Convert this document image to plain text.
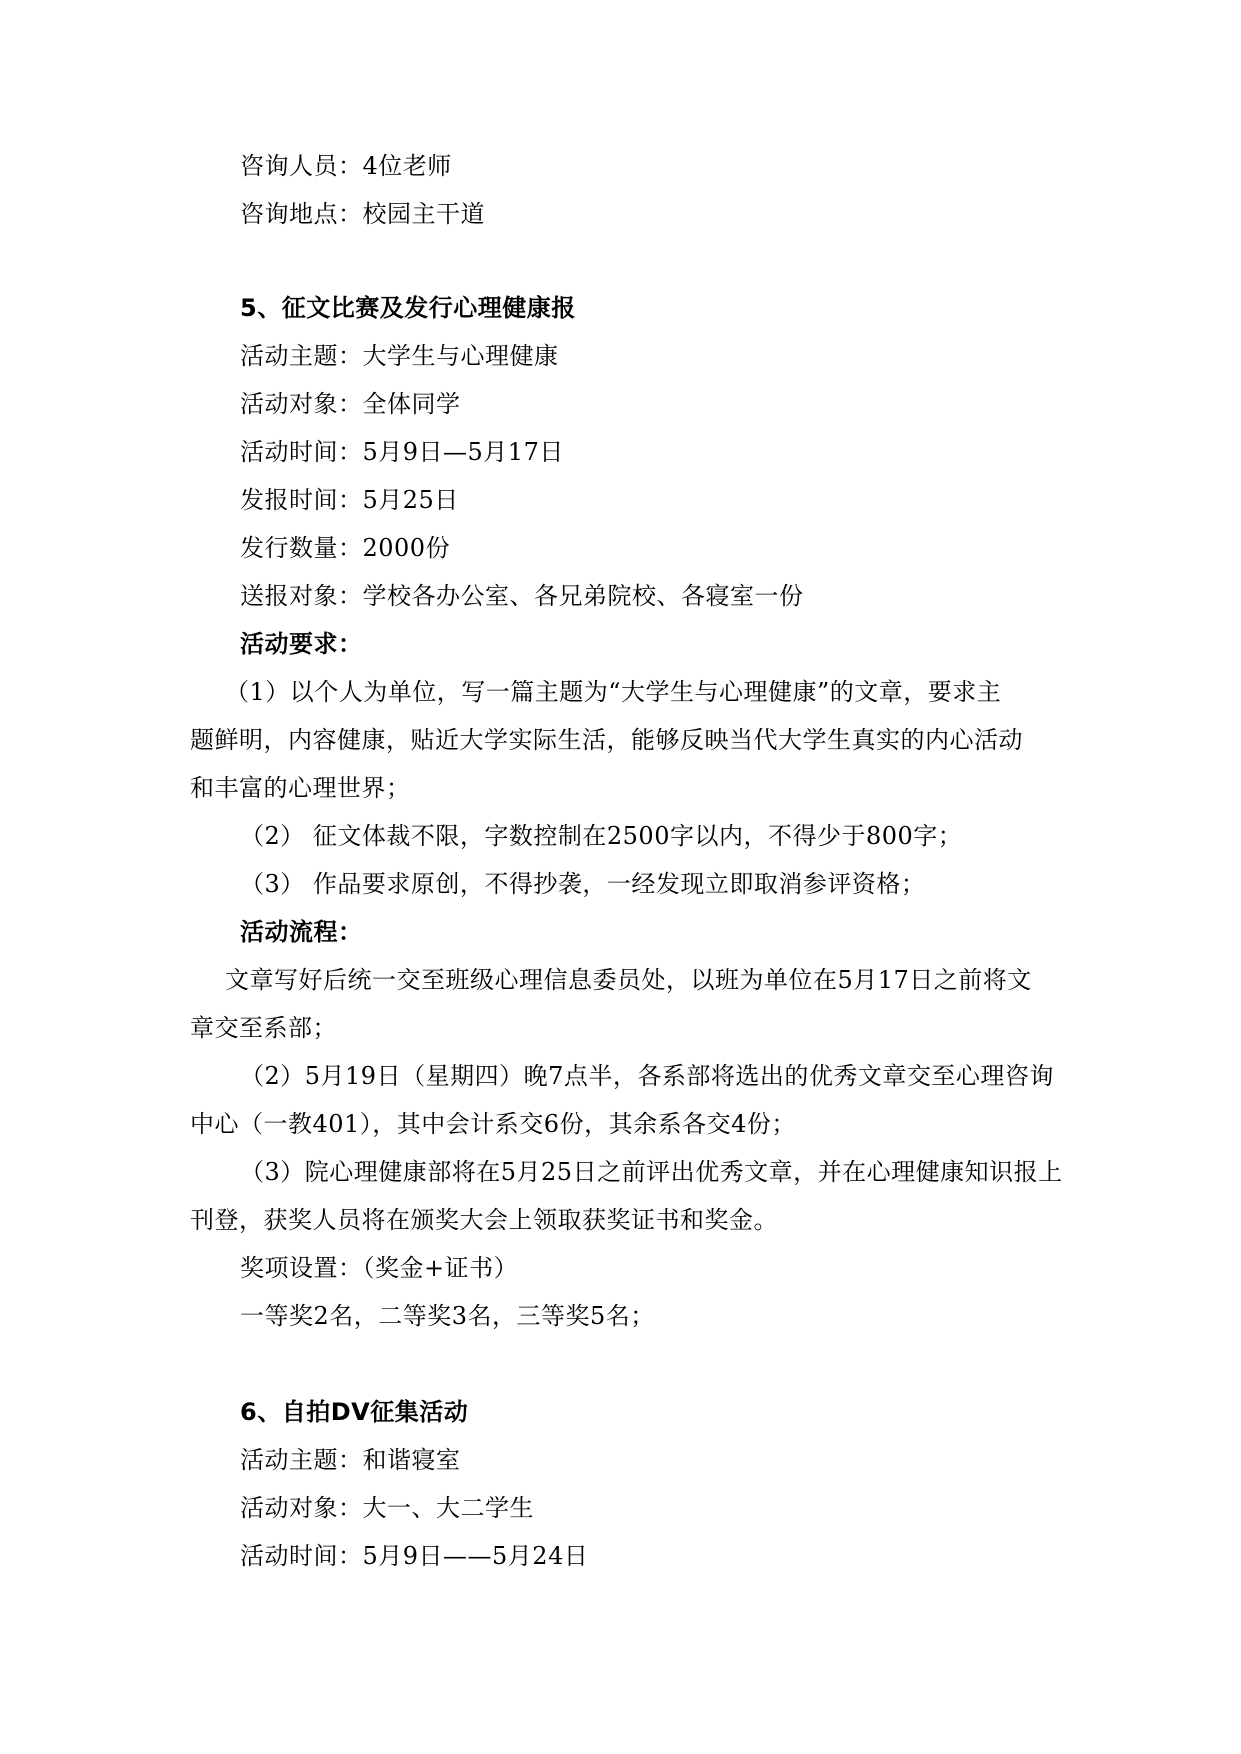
咨询人员：4位老师
咨询地点：校园主干道
5、征文比赛及发行心理健康报
活动主题：大学生与心理健康
活动对象：全体同学
活动时间：5月9日—5月17日
发报时间：5月25日
发行数量：2000份
送报对象：学校各办公室、各兄弟院校、各寝室一份
活动要求：
（1）以个人为单位，写一篇主题为“大学生与心理健康”的文章，要求主
题鲜明，内容健康，贴近大学实际生活，能够反映当代大学生真实的内心活动
和丰富的心理世界；
（2） 征文体裁不限，字数控制在2500字以内，不得少于800字；
（3） 作品要求原创，不得抄袭，一经发现立即取消参评资格；
活动流程：
文章写好后统一交至班级心理信息委员处，以班为单位在5月17日之前将文
章交至系部；
（2）5月19日（星期四）晚7点半，各系部将选出的优秀文章交至心理咨询
中心（一教401），其中会计系交6份，其余系各交4份；
（3）院心理健康部将在5月25日之前评出优秀文章，并在心理健康知识报上
刊登，获奖人员将在颁奖大会上领取获奖证书和奖金。
奖项设置：（奖金+证书）
一等奖2名，二等奖3名，三等奖5名；
6、自拍DV征集活动
活动主题：和谐寝室
活动对象：大一、大二学生
活动时间：5月9日——5月24日
